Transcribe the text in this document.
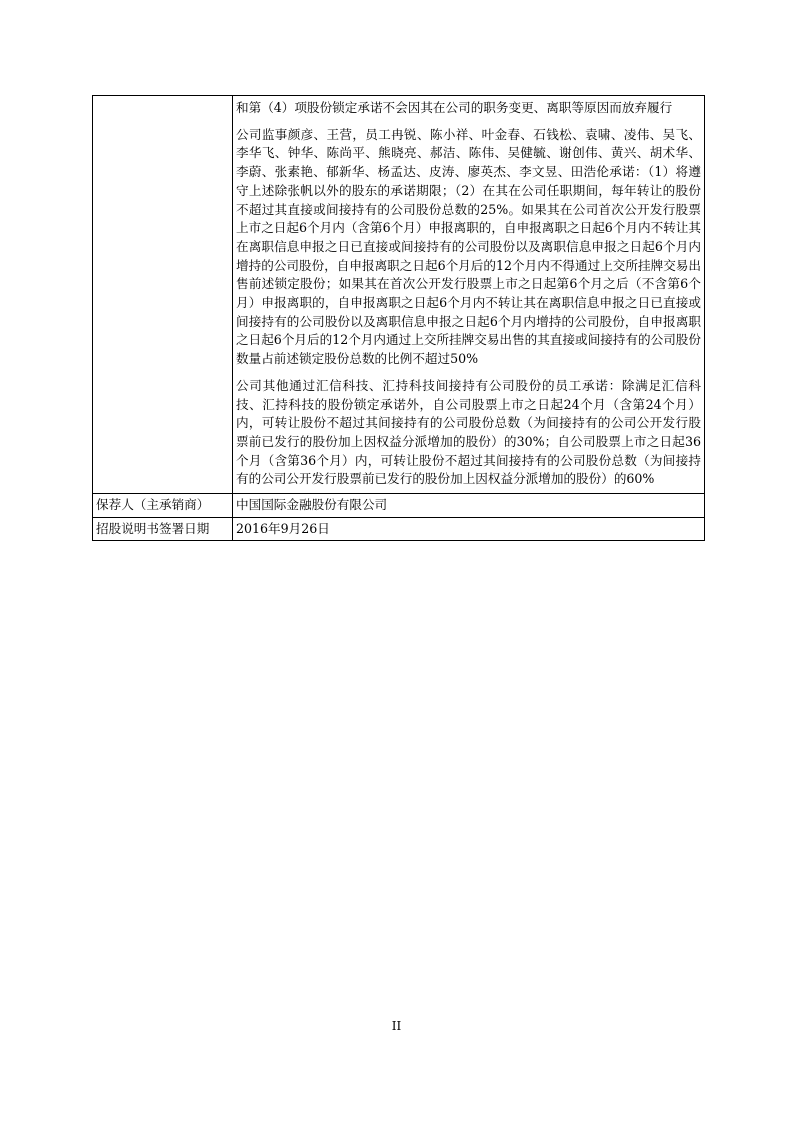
	和第（4）项股份锁定承诺不会因其在公司的职务变更、离职等原因而放弃履行

公司监事颜彦、王营，员工冉锐、陈小祥、叶金春、石钱松、袁啸、凌伟、吴飞、李华飞、钟华、陈尚平、熊晓亮、郝洁、陈伟、吴健毓、谢创伟、黄兴、胡术华、李蔚、张素艳、郁新华、杨孟达、皮涛、廖英杰、李文昱、田浩伦承诺：（1）将遵守上述除张帆以外的股东的承诺期限；（2）在其在公司任职期间，每年转让的股份不超过其直接或间接持有的公司股份总数的25%。如果其在公司首次公开发行股票上市之日起6个月内（含第6个月）申报离职的，自申报离职之日起6个月内不转让其在离职信息申报之日已直接或间接持有的公司股份以及离职信息申报之日起6个月内增持的公司股份，自申报离职之日起6个月后的12个月内不得通过上交所挂牌交易出售前述锁定股份；如果其在首次公开发行股票上市之日起第6个月之后（不含第6个月）申报离职的，自申报离职之日起6个月内不转让其在离职信息申报之日已直接或间接持有的公司股份以及离职信息申报之日起6个月内增持的公司股份，自申报离职之日起6个月后的12个月内通过上交所挂牌交易出售的其直接或间接持有的公司股份数量占前述锁定股份总数的比例不超过50%

公司其他通过汇信科技、汇持科技间接持有公司股份的员工承诺：除满足汇信科技、汇持科技的股份锁定承诺外，自公司股票上市之日起24个月（含第24个月）内，可转让股份不超过其间接持有的公司股份总数（为间接持有的公司公开发行股票前已发行的股份加上因权益分派增加的股份）的30%；自公司股票上市之日起36个月（含第36个月）内，可转让股份不超过其间接持有的公司股份总数（为间接持有的公司公开发行股票前已发行的股份加上因权益分派增加的股份）的60%

保荐人（主承销商）	中国国际金融股份有限公司
招股说明书签署日期	2016年9月26日
II
